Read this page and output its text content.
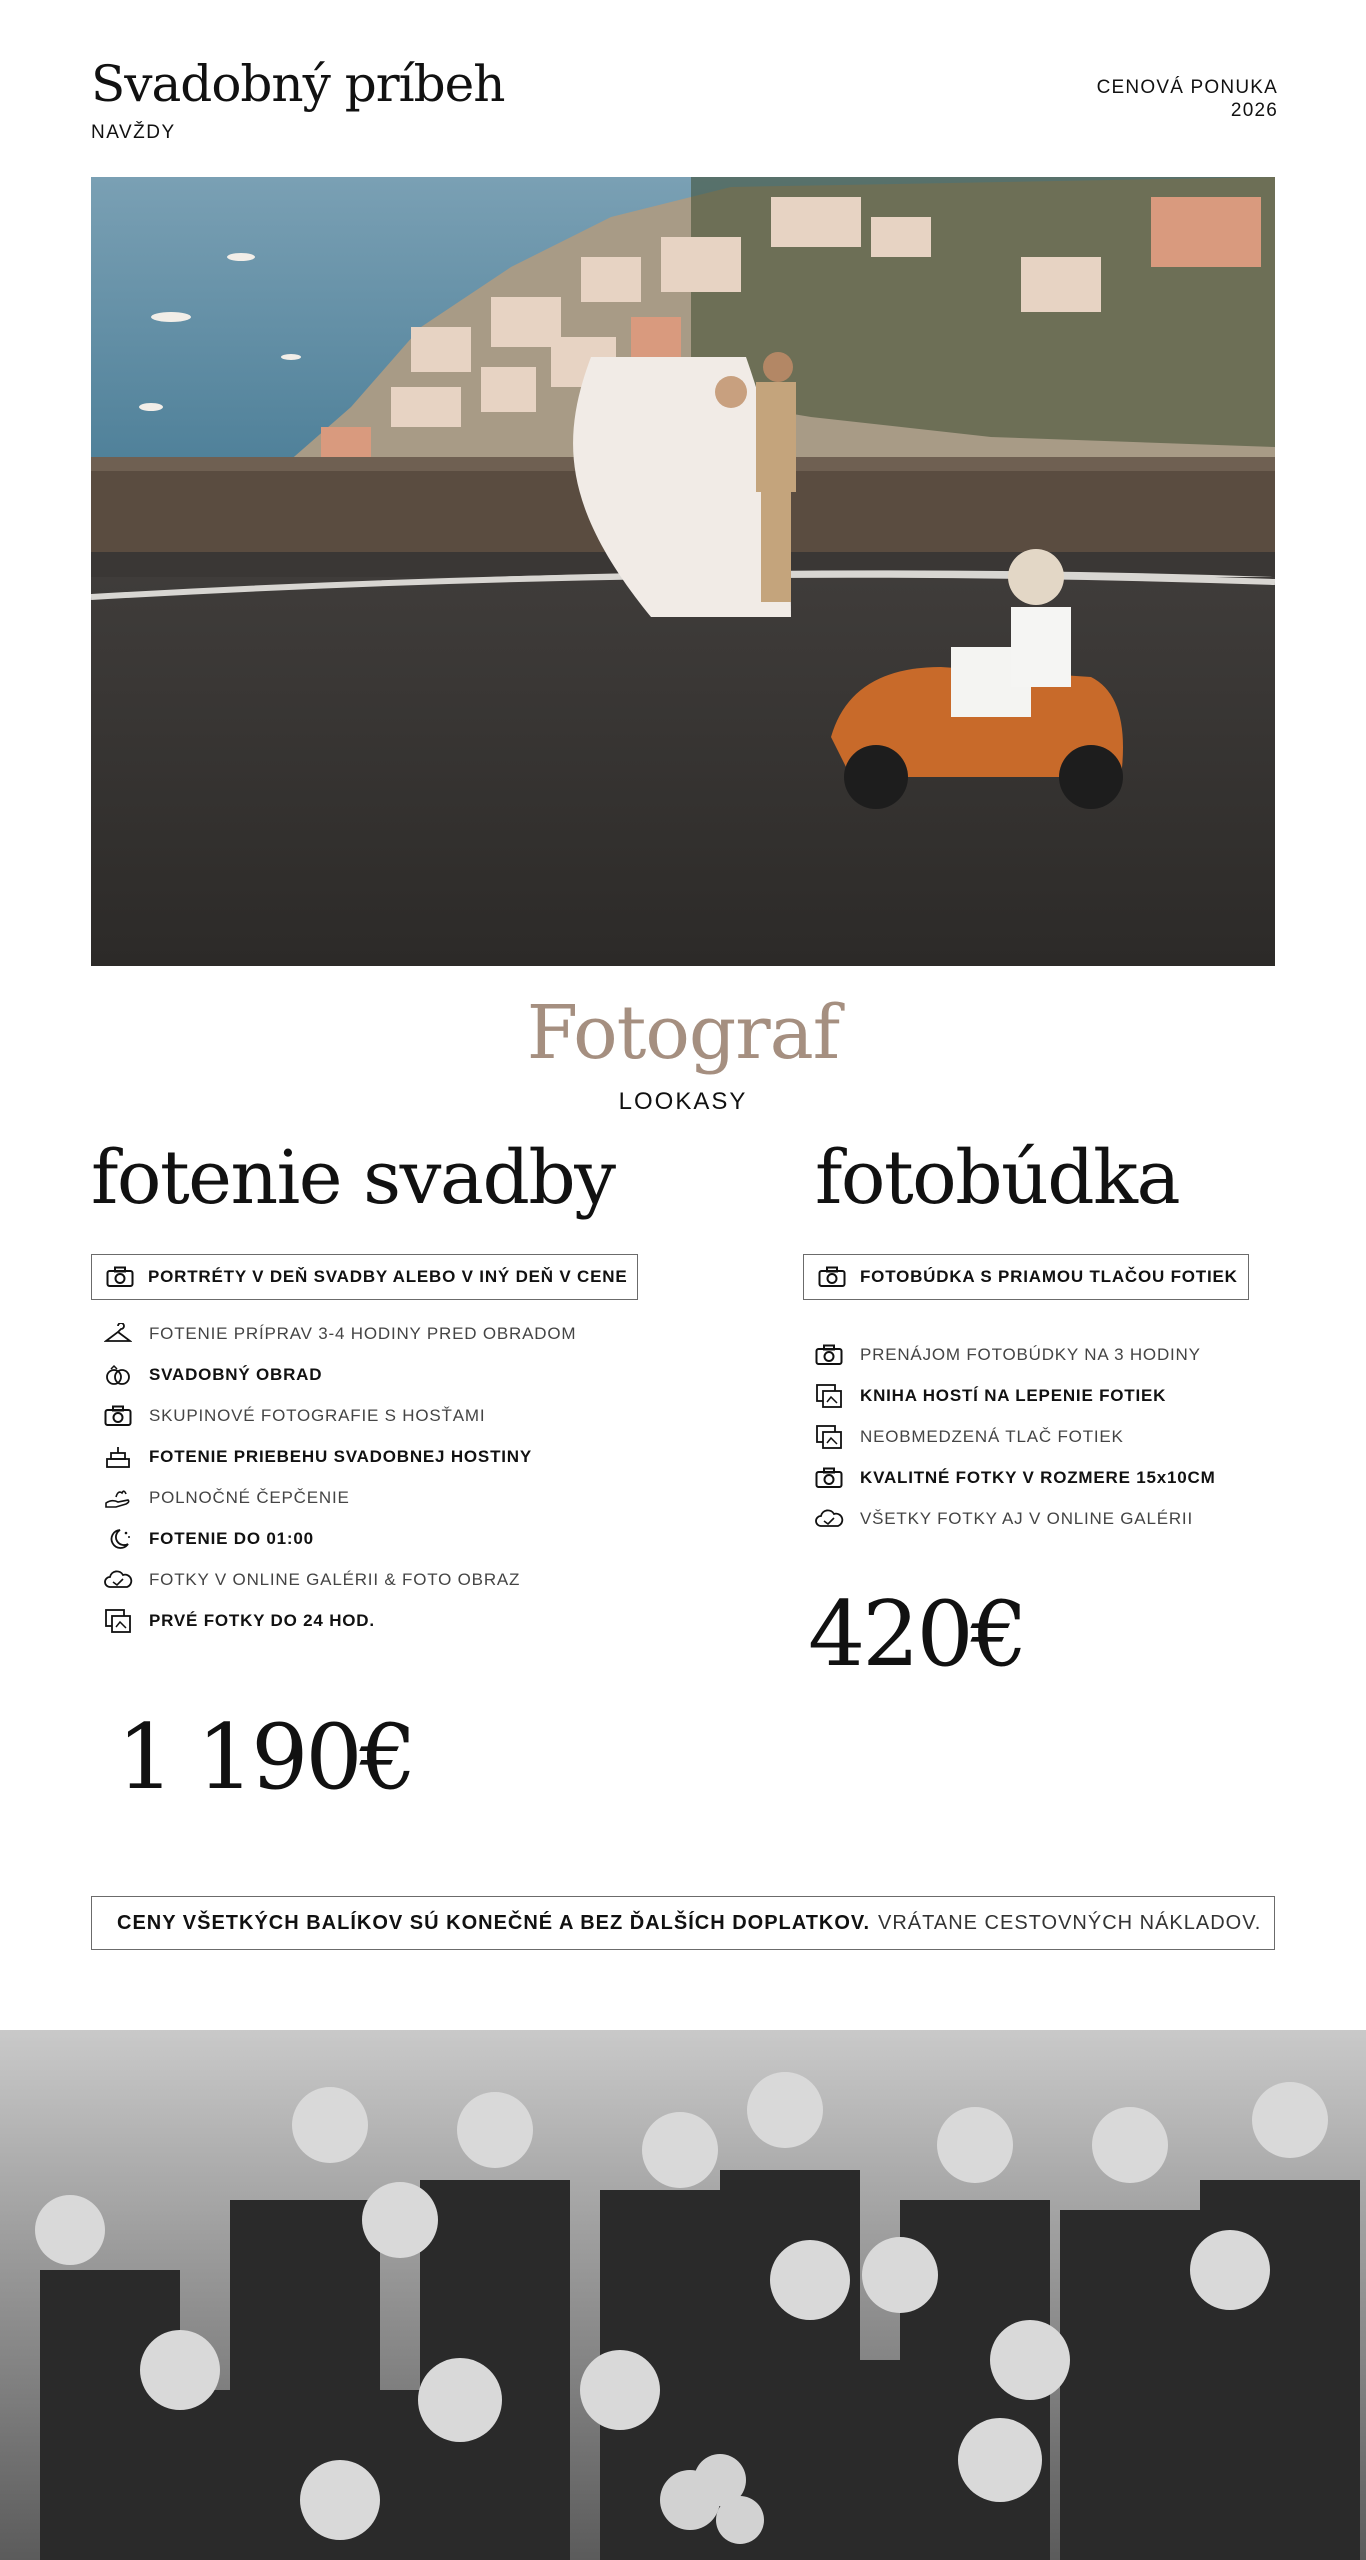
Svadobný príbeh
NAVŽDY
CENOVÁ PONUKA
2026
Fotograf
LOOKASY
fotenie svadby
PORTRÉTY V DEŇ SVADBY ALEBO V INÝ DEŇ V CENE
FOTENIE PRÍPRAV 3-4 HODINY PRED OBRADOM
SVADOBNÝ OBRAD
SKUPINOVÉ FOTOGRAFIE S HOSŤAMI
FOTENIE PRIEBEHU SVADOBNEJ HOSTINY
POLNOČNÉ ČEPČENIE
FOTENIE DO 01:00
FOTKY V ONLINE GALÉRII & FOTO OBRAZ
PRVÉ FOTKY DO 24 HOD.
1 190€
fotobúdka
FOTOBÚDKA S PRIAMOU TLAČOU FOTIEK
PRENÁJOM FOTOBÚDKY NA 3 HODINY
KNIHA HOSTÍ NA LEPENIE FOTIEK
NEOBMEDZENÁ TLAČ FOTIEK
KVALITNÉ FOTKY V ROZMERE 15x10CM
VŠETKY FOTKY AJ V ONLINE GALÉRII
420€
CENY VŠETKÝCH BALÍKOV SÚ KONEČNÉ A BEZ ĎALŠÍCH DOPLATKOV. VRÁTANE CESTOVNÝCH NÁKLADOV.
